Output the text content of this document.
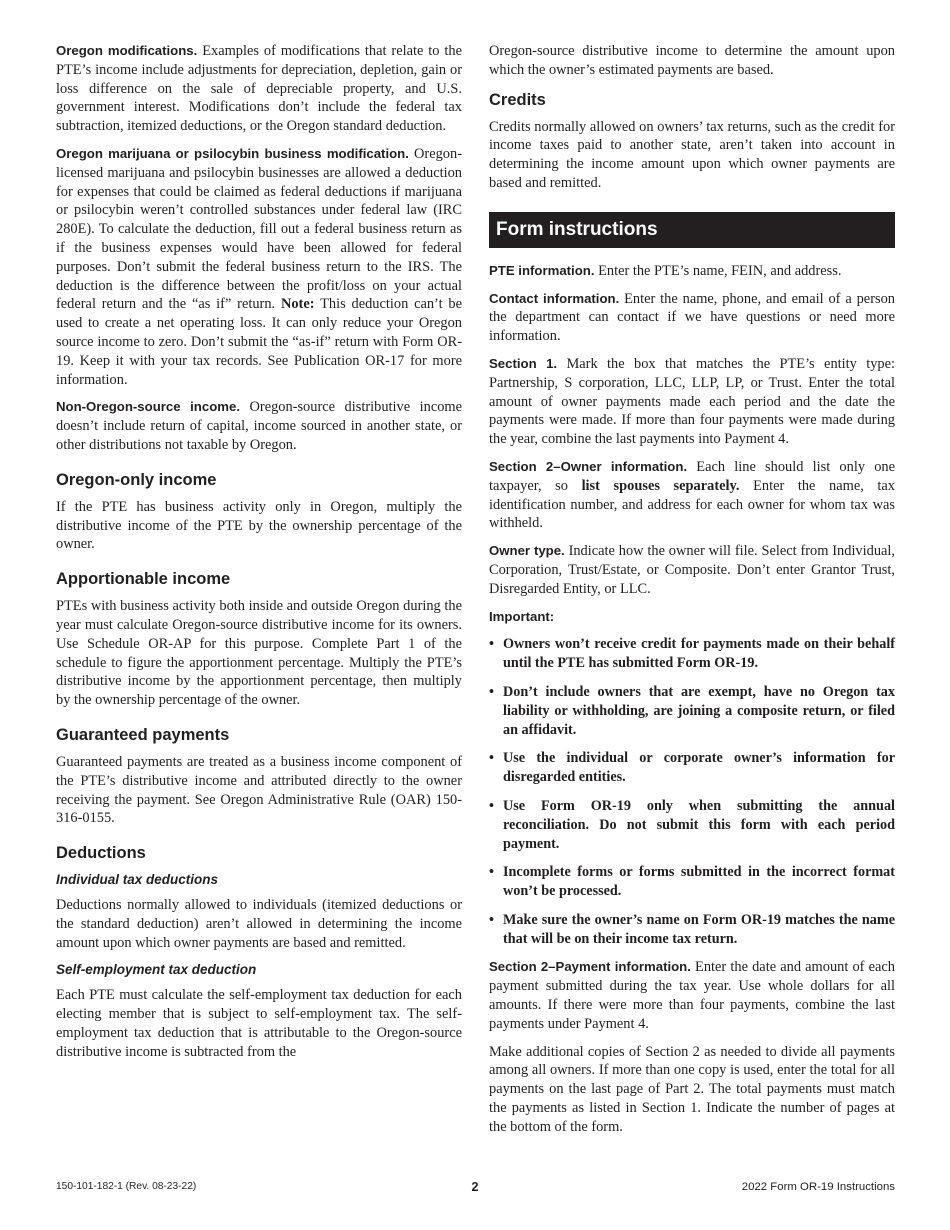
Oregon modifications. Examples of modifications that relate to the PTE’s income include adjustments for depreciation, depletion, gain or loss difference on the sale of depreciable property, and U.S. government interest. Modifications don’t include the federal tax subtraction, itemized deductions, or the Oregon standard deduction.

Oregon marijuana or psilocybin business modification. Oregon-licensed marijuana and psilocybin businesses are allowed a deduction for expenses that could be claimed as federal deductions if marijuana or psilocybin weren’t controlled substances under federal law (IRC 280E). To calculate the deduction, fill out a federal business return as if the business expenses would have been allowed for federal purposes. Don’t submit the federal business return to the IRS. The deduction is the difference between the profit/loss on your actual federal return and the “as if” return. Note: This deduction can’t be used to create a net operating loss. It can only reduce your Oregon source income to zero. Don’t submit the “as-if” return with Form OR-19. Keep it with your tax records. See Publication OR-17 for more information.

Non-Oregon-source income. Oregon-source distributive income doesn’t include return of capital, income sourced in another state, or other distributions not taxable by Oregon.

Oregon-only income

If the PTE has business activity only in Oregon, multiply the distributive income of the PTE by the ownership percentage of the owner.

Apportionable income

PTEs with business activity both inside and outside Oregon during the year must calculate Oregon-source distributive income for its owners. Use Schedule OR-AP for this purpose. Complete Part 1 of the schedule to figure the apportionment percentage. Multiply the PTE’s distributive income by the apportionment percentage, then multiply by the ownership percentage of the owner.

Guaranteed payments

Guaranteed payments are treated as a business income component of the PTE’s distributive income and attributed directly to the owner receiving the payment. See Oregon Administrative Rule (OAR) 150-316-0155.

Deductions
Individual tax deductions

Deductions normally allowed to individuals (itemized deductions or the standard deduction) aren’t allowed in determining the income amount upon which owner payments are based and remitted.

Self-employment tax deduction

Each PTE must calculate the self-employment tax deduction for each electing member that is subject to self-employment tax. The self-employment tax deduction that is attributable to the Oregon-source distributive income is subtracted from the

Oregon-source distributive income to determine the amount upon which the owner’s estimated payments are based.

Credits

Credits normally allowed on owners’ tax returns, such as the credit for income taxes paid to another state, aren’t taken into account in determining the income amount upon which owner payments are based and remitted.

Form instructions

PTE information. Enter the PTE’s name, FEIN, and address.

Contact information. Enter the name, phone, and email of a person the department can contact if we have questions or need more information.

Section 1. Mark the box that matches the PTE’s entity type: Partnership, S corporation, LLC, LLP, LP, or Trust. Enter the total amount of owner payments made each period and the date the payments were made. If more than four payments were made during the year, combine the last payments into Payment 4.

Section 2–Owner information. Each line should list only one taxpayer, so list spouses separately. Enter the name, tax identification number, and address for each owner for whom tax was withheld.

Owner type. Indicate how the owner will file. Select from Individual, Corporation, Trust/Estate, or Composite. Don’t enter Grantor Trust, Disregarded Entity, or LLC.

Important:

• Owners won’t receive credit for payments made on their behalf until the PTE has submitted Form OR-19.
• Don’t include owners that are exempt, have no Oregon tax liability or withholding, are joining a composite return, or filed an affidavit.
• Use the individual or corporate owner’s information for disregarded entities.
• Use Form OR-19 only when submitting the annual reconciliation. Do not submit this form with each period payment.
• Incomplete forms or forms submitted in the incorrect format won’t be processed.
• Make sure the owner’s name on Form OR-19 matches the name that will be on their income tax return.

Section 2–Payment information. Enter the date and amount of each payment submitted during the tax year. Use whole dollars for all amounts. If there were more than four payments, combine the last payments under Payment 4.

Make additional copies of Section 2 as needed to divide all payments among all owners. If more than one copy is used, enter the total for all payments on the last page of Part 2. The total payments must match the payments as listed in Section 1. Indicate the number of pages at the bottom of the form.

150-101-182-1 (Rev. 08-23-22)	2	2022 Form OR-19 Instructions
